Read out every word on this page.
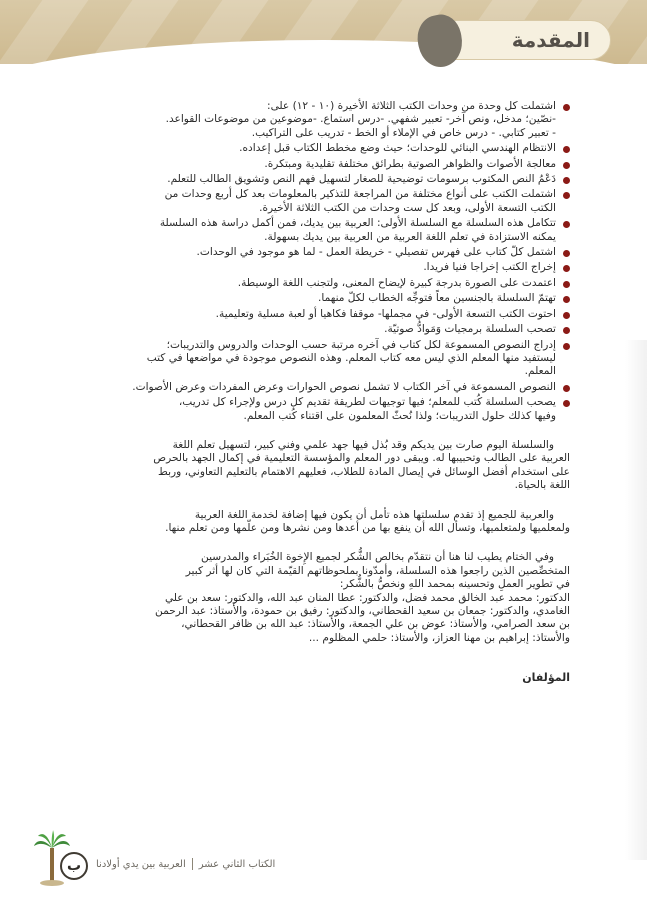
المقدمة
اشتملت كل وحدة من وحدات الكتب الثلاثة الأخيرة (١٠ - ١٢) على:
-نصّين؛ مدخل، ونص آخر- تعبير شفهي. -درس استماع. -موضوعين من موضوعات القواعد.
- تعبير كتابي. - درس خاص في الإملاء أو الخط - تدريب على التراكيب.
الانتظام الهندسي البنائي للوحدات؛ حيث وضع مخطط الكتاب قبل إعداده.
معالجة الأصوات والظواهر الصوتية بطرائق مختلفة تقليدية ومبتكرة.
دَعْمُ النص المكتوب برسومات توضيحية للصغار لتسهيل فهم النص وتشويق الطالب للتعلم.
اشتملت الكتب على أنواع مختلفة من المراجعة للتذكير بالمعلومات بعد كل أربع وحدات من
الكتب التسعة الأولى، وبعد كل ست وحدات من الكتب الثلاثة الأخيرة.
تتكامل هذه السلسلة مع السلسلة الأولى: العربية بين يديك، فمن أكمل دراسة هذه السلسلة
يمكنه الاستزادة في تعلم اللغة العربية من العربية بين يديك بسهولة.
اشتمل كلّ كتاب على فهرس تفصيلي - خريطة العمل - لما هو موجود في الوحدات.
إخراج الكتب إخراجا فنيا فريدا.
اعتمدت على الصورة بدرجة كبيرة لإيضاح المعنى، ولتجنب اللغة الوسيطة.
تهتمّ السلسلة بالجنسين معاً فتوجِّه الخطاب لكلّ منهما.
احتوت الكتب التسعة الأولى- في مجملها- موقفا فكاهيا أو لعبة مسلية وتعليمية.
تصحب السلسلة برمجيات وَمَوادُّ صوتيّة.
إدراج النصوص المسموعة لكل كتاب في آخره مرتبة حسب الوحدات والدروس والتدريبات؛
ليستفيد منها المعلم الذي ليس معه كتاب المعلم. وهذه النصوص موجودة في مواضعها في كتب
المعلم.
النصوص المسموعة في آخر الكتاب لا تشمل نصوص الحوارات وعرض المفردات وعرض الأصوات.
يصحب السلسلة كُتب للمعلم؛ فيها توجيهات لطريقة تقديم كل درس ولإجراء كل تدريب،
وفيها كذلك حلول التدريبات؛ ولذا نُحثّ المعلمون على اقتناء كُتب المعلم.

والسلسلة اليوم صارت بين يديكم وقد بُذل فيها جهد علمي وفني كبير، لتسهيل تعلم اللغة
العربية على الطالب وتحبيبها له. ويبقى دور المعلم والمؤسسة التعليمية في إكمال الجهد بالحرص
على استخدام أفضل الوسائل في إيصال المادة للطلاب، فعليهم الاهتمام بالتعليم التعاوني، وربط
اللغة بالحياة.

والعربية للجميع إذ تقدم سلسلتها هذه تأمل أن يكون فيها إضافة لخدمة اللغة العربية
ولمعلميها ولمتعلميها، وتسأل الله أن ينفع بها من أعدها ومن نشرها ومن علّمها ومن تعلم منها.

وفي الختام يطيب لنا هنا أن نتقدّم بخالص الشُّكر لجميع الإِخوة الخُبَراء والمدرسين
المتخصِّصين الذين راجعوا هذه السلسلة، وأمدّونا بملحوظاتهم القيّمة التي كان لها أثر كبير
في تطوير العملِ وتحسينه بمحمد اللهِ ونخصُّ بالشُّكر:
الدكتور: محمد عبد الخالق محمد فضل، والدكتور: عطا المنان عبد الله، والدكتور: سعد بن علي
الغامدي، والدكتور: جمعان بن سعيد القحطاني، والدكتور: رفيق بن حمودة، والأستاذ: عبد الرحمن
بن سعد الصرامي، والأستاذ: عوض بن علي الجمعة، والأستاذ: عبد الله بن ظافر القحطاني،
والأستاذ: إبراهيم بن مهنا العزاز، والأستاذ: حلمي المظلوم ...

المؤلفان
ب	الكتاب الثاني عشر
العربية بين يدي أولادنا
